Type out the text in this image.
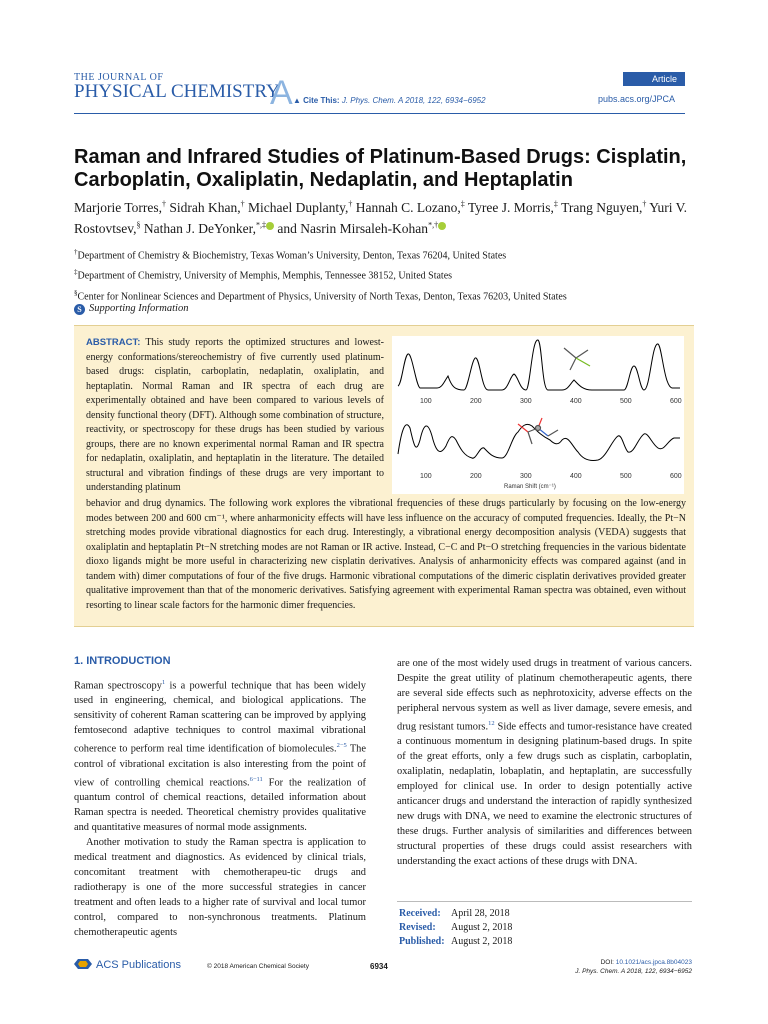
THE JOURNAL OF
PHYSICAL CHEMISTRY
A	Article
▲ Cite This: J. Phys. Chem. A 2018, 122, 6934−6952	pubs.acs.org/JPCA
Raman and Infrared Studies of Platinum-Based Drugs: Cisplatin, Carboplatin, Oxaliplatin, Nedaplatin, and Heptaplatin
Marjorie Torres,† Sidrah Khan,† Michael Duplanty,† Hannah C. Lozano,‡ Tyree J. Morris,‡ Trang Nguyen,† Yuri V. Rostovtsev,§ Nathan J. DeYonker,*,‡ and Nasrin Mirsaleh-Kohan*,†
†Department of Chemistry & Biochemistry, Texas Woman’s University, Denton, Texas 76204, United States
‡Department of Chemistry, University of Memphis, Memphis, Tennessee 38152, United States
§Center for Nonlinear Sciences and Department of Physics, University of North Texas, Denton, Texas 76203, United States
S Supporting Information
ABSTRACT: This study reports the optimized structures and lowest-energy conformations/stereochemistry of five currently used platinum-based drugs: cisplatin, carboplatin, nedaplatin, oxaliplatin, and heptaplatin. Normal Raman and IR spectra of each drug are experimentally obtained and have been compared to various levels of density functional theory (DFT). Although some combination of structure, reactivity, or spectroscopy for these drugs has been studied by various groups, there are no known experimental normal Raman and IR spectra for nedaplatin, oxaliplatin, and heptaplatin in the literature. The detailed structural and vibration findings of these drugs are very important to understanding platinum
behavior and drug dynamics. The following work explores the vibrational frequencies of these drugs particularly by focusing on the low-energy modes between 200 and 600 cm⁻¹, where anharmonicity effects will have less influence on the accuracy of computed frequencies. Ideally, the Pt−N stretching modes provide vibrational diagnostics for each drug. Interestingly, a vibrational energy decomposition analysis (VEDA) suggests that oxaliplatin and heptaplatin Pt−N stretching modes are not Raman or IR active. Instead, C−C and Pt−O stretching frequencies in the various bidentate dioxo ligands might be more useful in characterizing new cisplatin derivatives. Analysis of anharmonicity effects was compared against (and in tandem with) dimer computations of four of the five drugs. Harmonic vibrational computations of the dimeric cisplatin derivatives provided greater qualitative improvement than that of the monomeric derivatives. Satisfying agreement with experimental Raman spectra was obtained, even without resorting to linear scale factors for the harmonic dimer frequencies.
100	200	300	400	500	600
100	200	300	400	500	600
Raman Shift (cm⁻¹)
1. INTRODUCTION

Raman spectroscopy$^1$ is a powerful technique that has been widely used in engineering, chemical, and biological applications. The sensitivity of coherent Raman scattering can be improved by applying femtosecond adaptive techniques to control maximal vibrational coherence to perform real time identification of biomolecules.$^{2-5}$ The control of vibrational excitation is also interesting from the point of view of controlling chemical reactions.$^{6-11}$ For the realization of quantum control of chemical reactions, detailed information about Raman spectra is needed. Theoretical chemistry provides qualitative and quantitative measures of normal mode assignments.

Another motivation to study the Raman spectra is application to medical treatment and diagnostics. As evidenced by clinical trials, concomitant treatment with chemotherapeu-tic drugs and radiotherapy is one of the more successful strategies in cancer treatment and often leads to a higher rate of survival and local tumor control, compared to non-synchronous treatments. Platinum chemotherapeutic agents

are one of the most widely used drugs in treatment of various cancers. Despite the great utility of platinum chemotherapeutic agents, there are several side effects such as nephrotoxicity, adverse effects on the peripheral nervous system as well as liver damage, severe emesis, and drug resistant tumors.$^{12}$ Side effects and tumor-resistance have created a continuous momentum in designing platinum-based drugs. In spite of the great efforts, only a few drugs such as cisplatin, carboplatin, oxaliplatin, nedaplatin, lobaplatin, and heptaplatin, are successfully employed for clinical use. In order to design potentially active anticancer drugs and understand the interaction of rapidly synthesized new drugs with DNA, we need to examine the electronic structures of these drugs. Further analysis of similarities and differences between structural properties of these drugs could assist researchers with understanding the exact actions of these drugs with DNA.

Received: April 28, 2018
Revised: August 2, 2018
Published: August 2, 2018
ACS Publications	© 2018 American Chemical Society	6934	DOI: 10.1021/acs.jpca.8b04023
J. Phys. Chem. A 2018, 122, 6934−6952
